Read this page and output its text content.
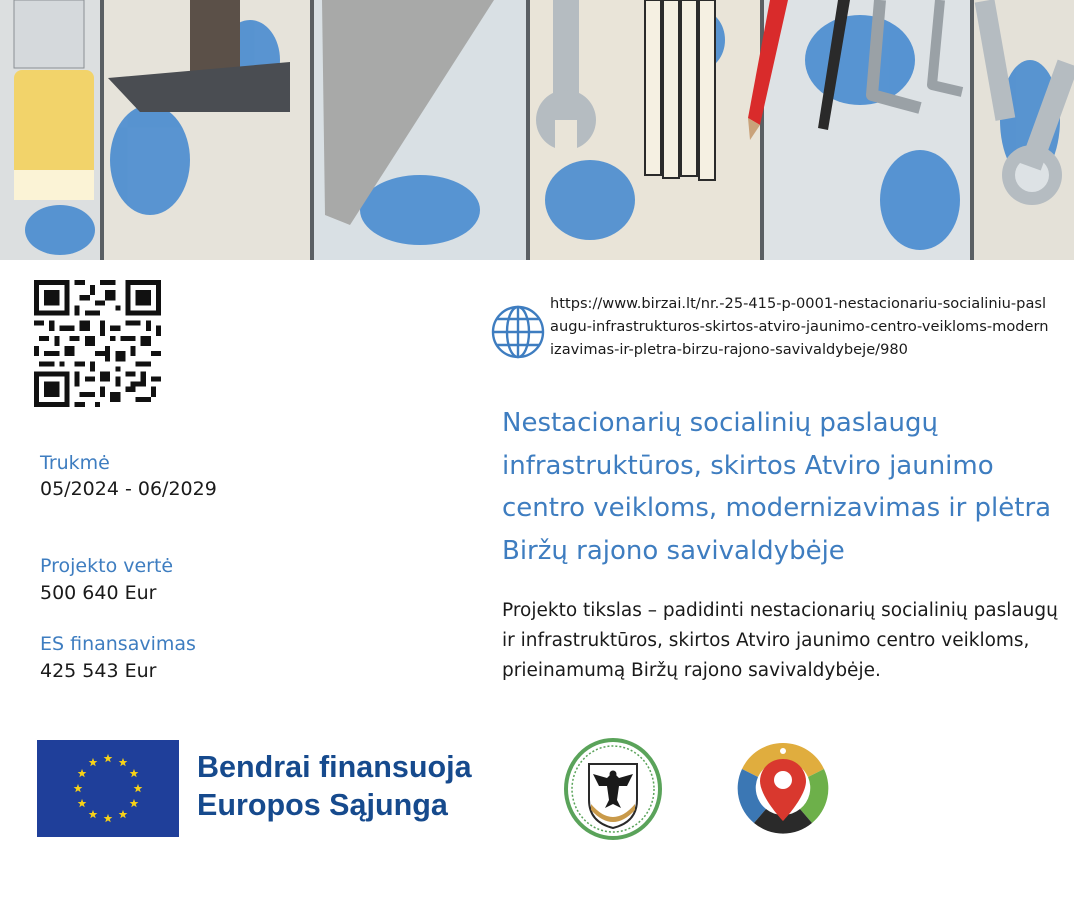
Trukmė

05/2024 - 06/2029

Projekto vertė

500 640 Eur

ES finansavimas

425 543 Eur

https://www.birzai.lt/nr.-25-415-p-0001-nestacionariu-socialiniu-paslaugu-infrastrukturos-skirtos-atviro-jaunimo-centro-veikloms-modernizavimas-ir-pletra-birzu-rajono-savivaldybeje/980
Nestacionarių socialinių paslaugų infrastruktūros, skirtos Atviro jaunimo centro veikloms, modernizavimas ir plėtra Biržų rajono savivaldybėje

Projekto tikslas – padidinti nestacionarių socialinių paslaugų ir infrastruktūros, skirtos Atviro jaunimo centro veikloms, prieinamumą Biržų rajono savivaldybėje.

Bendrai finansuoja
Europos Sąjunga
